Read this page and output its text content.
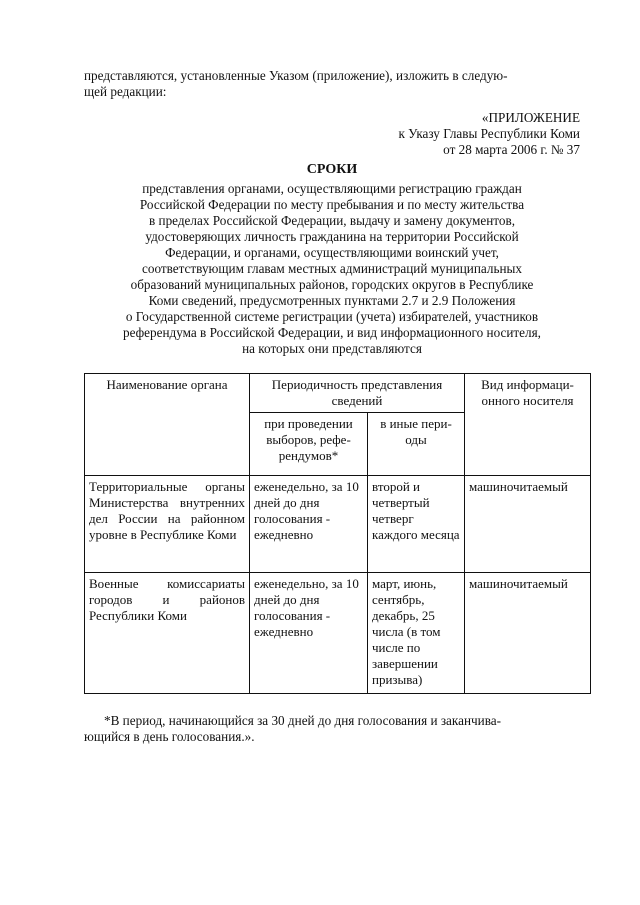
представляются, установленные Указом (приложение), изложить в следую-
щей редакции:
«ПРИЛОЖЕНИЕ
к Указу Главы Республики Коми
от 28 марта 2006 г. № 37
СРОКИ
представления органами, осуществляющими регистрацию граждан
Российской Федерации по месту пребывания и по месту жительства
в пределах Российской Федерации, выдачу и замену документов,
удостоверяющих личность гражданина на территории Российской
Федерации, и органами, осуществляющими воинский учет,
соответствующим главам местных администраций муниципальных
образований муниципальных районов, городских округов в Республике
Коми сведений, предусмотренных пунктами 2.7 и 2.9 Положения
о Государственной системе регистрации (учета) избирателей, участников
референдума в Российской Федерации, и вид информационного носителя,
на которых они представляются
Наименование органа	Периодичность представления сведений		Вид информаци- онного носителя
	при проведении выборов, рефе- рендумов*	в иные пери- оды	
Территориальные органы Министерства внутренних дел России на районном уровне в Республике Коми	еженедельно, за 10 дней до дня голосования - ежедневно	второй и четвертый четверг каждого месяца	машиночитаемый
Военные комиссариаты городов и районов Республики Коми	еженедельно, за 10 дней до дня голосования - ежедневно	март, июнь, сентябрь, декабрь, 25 числа (в том числе по завершении призыва)	машиночитаемый
*В период, начинающийся за 30 дней до дня голосования и заканчива-
ющийся в день голосования.».
